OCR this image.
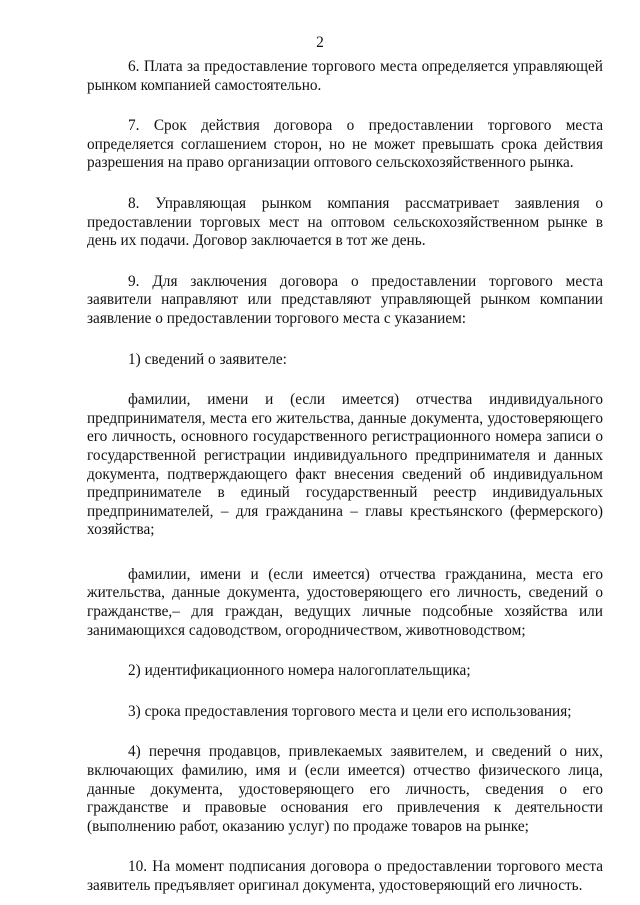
2

6. Плата за предоставление торгового места определяется управляющей рынком компанией самостоятельно.

7. Срок действия договора о предоставлении торгового места определяется соглашением сторон, но не может превышать срока действия разрешения на право организации оптового сельскохозяйственного рынка.

8. Управляющая рынком компания рассматривает заявления о предоставлении торговых мест на оптовом сельскохозяйственном рынке в день их подачи. Договор заключается в тот же день.

9. Для заключения договора о предоставлении торгового места заявители направляют или представляют управляющей рынком компании заявление о предоставлении торгового места с указанием:

1) сведений о заявителе:

фамилии, имени и (если имеется) отчества индивидуального предпринимателя, места его жительства, данные документа, удостоверяющего его личность, основного государственного регистрационного номера записи о государственной регистрации индивидуального предпринимателя и данных документа, подтверждающего факт внесения сведений об индивидуальном предпринимателе в единый государственный реестр индивидуальных предпринимателей, – для гражданина – главы крестьянского (фермерского) хозяйства;

фамилии, имени и (если имеется) отчества гражданина, места его жительства, данные документа, удостоверяющего его личность, сведений о гражданстве,– для граждан, ведущих личные подсобные хозяйства или занимающихся садоводством, огородничеством, животноводством;

2) идентификационного номера налогоплательщика;

3) срока предоставления торгового места и цели его использования;

4) перечня продавцов, привлекаемых заявителем, и сведений о них, включающих фамилию, имя и (если имеется) отчество физического лица, данные документа, удостоверяющего его личность, сведения о его гражданстве и правовые основания его привлечения к деятельности (выполнению работ, оказанию услуг) по продаже товаров на рынке;

10. На момент подписания договора о предоставлении торгового места заявитель предъявляет оригинал документа, удостоверяющий его личность.
